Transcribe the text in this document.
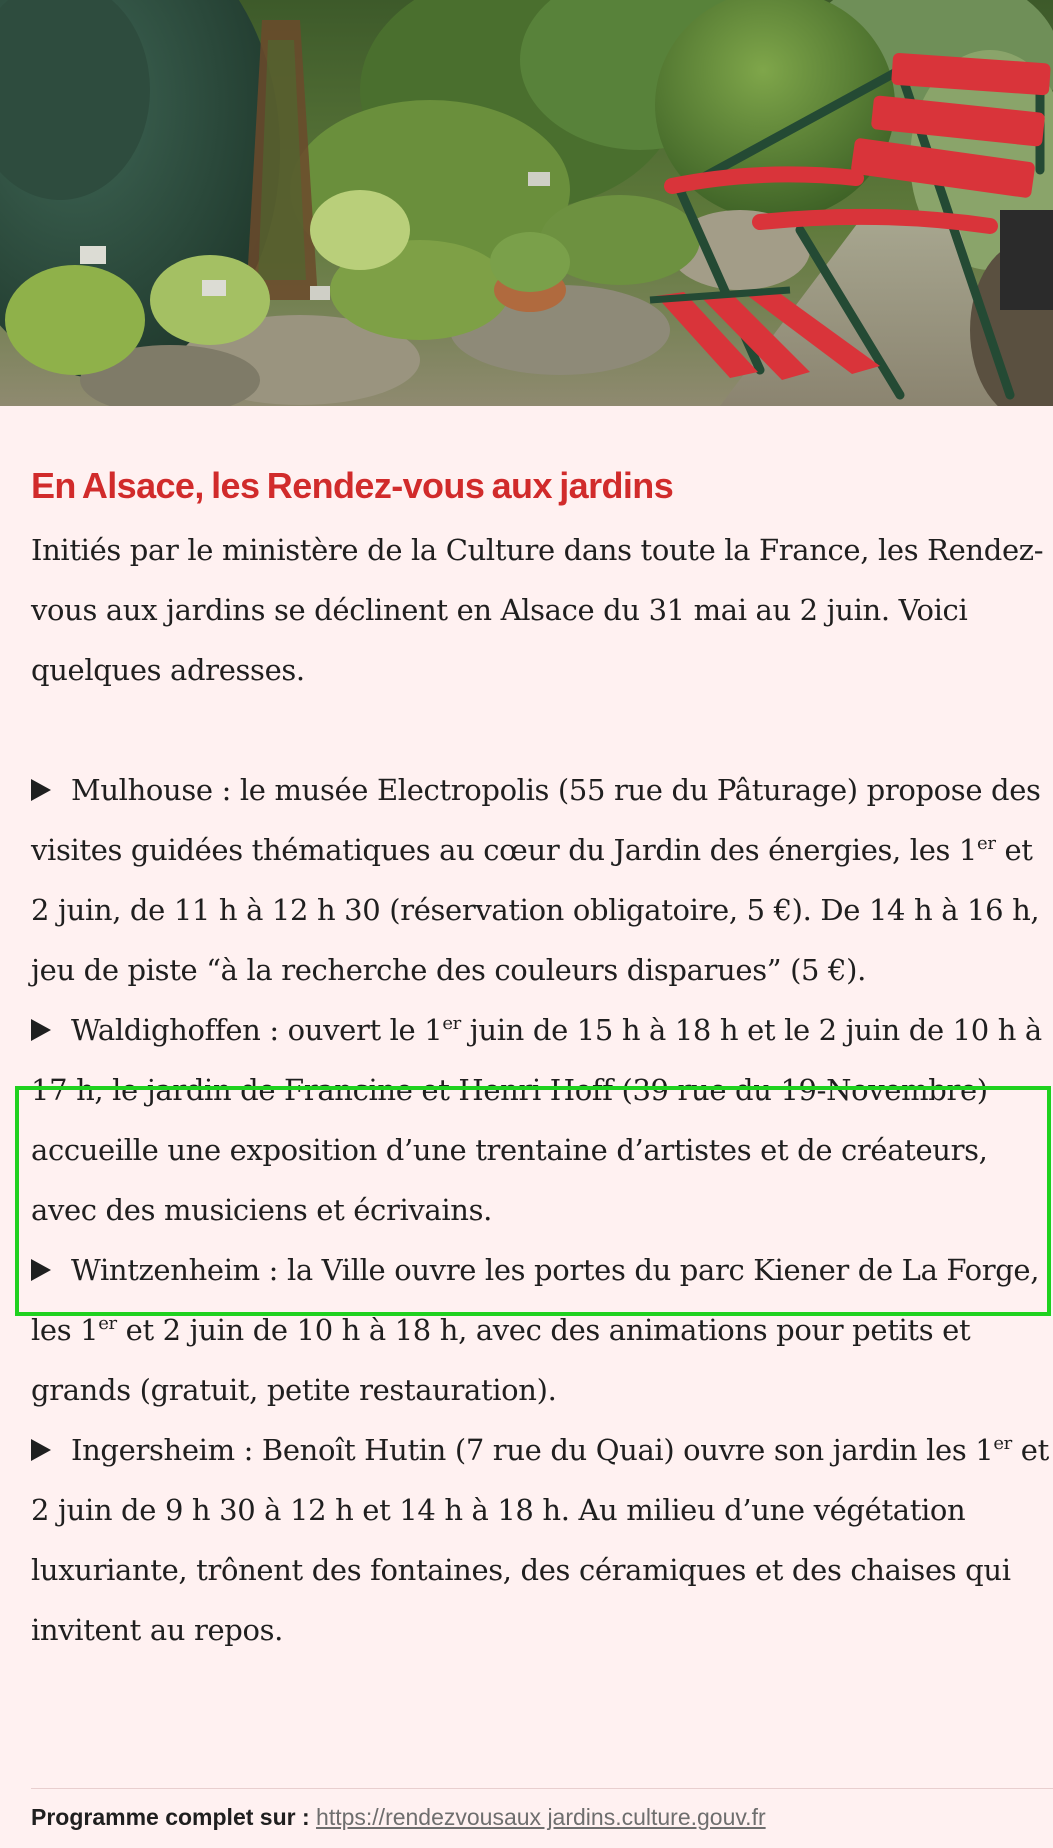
En Alsace, les Rendez-vous aux jardins

Initiés par le ministère de la Culture dans toute la France, les Rendez-vous aux jardins se déclinent en Alsace du 31 mai au 2 juin. Voici quelques adresses.

Mulhouse : le musée Electropolis (55 rue du Pâturage) propose des visites guidées thématiques au cœur du Jardin des énergies, les 1er et 2 juin, de 11 h à 12 h 30 (réservation obligatoire, 5 €). De 14 h à 16 h, jeu de piste “à la recherche des couleurs disparues” (5 €).

Waldighoffen : ouvert le 1er juin de 15 h à 18 h et le 2 juin de 10 h à 17 h, le jardin de Francine et Henri Hoff (39 rue du 19-Novembre) accueille une exposition d’une trentaine d’artistes et de créateurs, avec des musiciens et écrivains.

Wintzenheim : la Ville ouvre les portes du parc Kiener de La Forge, les 1er et 2 juin de 10 h à 18 h, avec des animations pour petits et grands (gratuit, petite restauration).

Ingersheim : Benoît Hutin (7 rue du Quai) ouvre son jardin les 1er et 2 juin de 9 h 30 à 12 h et 14 h à 18 h. Au milieu d’une végétation luxuriante, trônent des fontaines, des céramiques et des chaises qui invitent au repos.

Programme complet sur : https://rendezvousaux jardins.culture.gouv.fr
